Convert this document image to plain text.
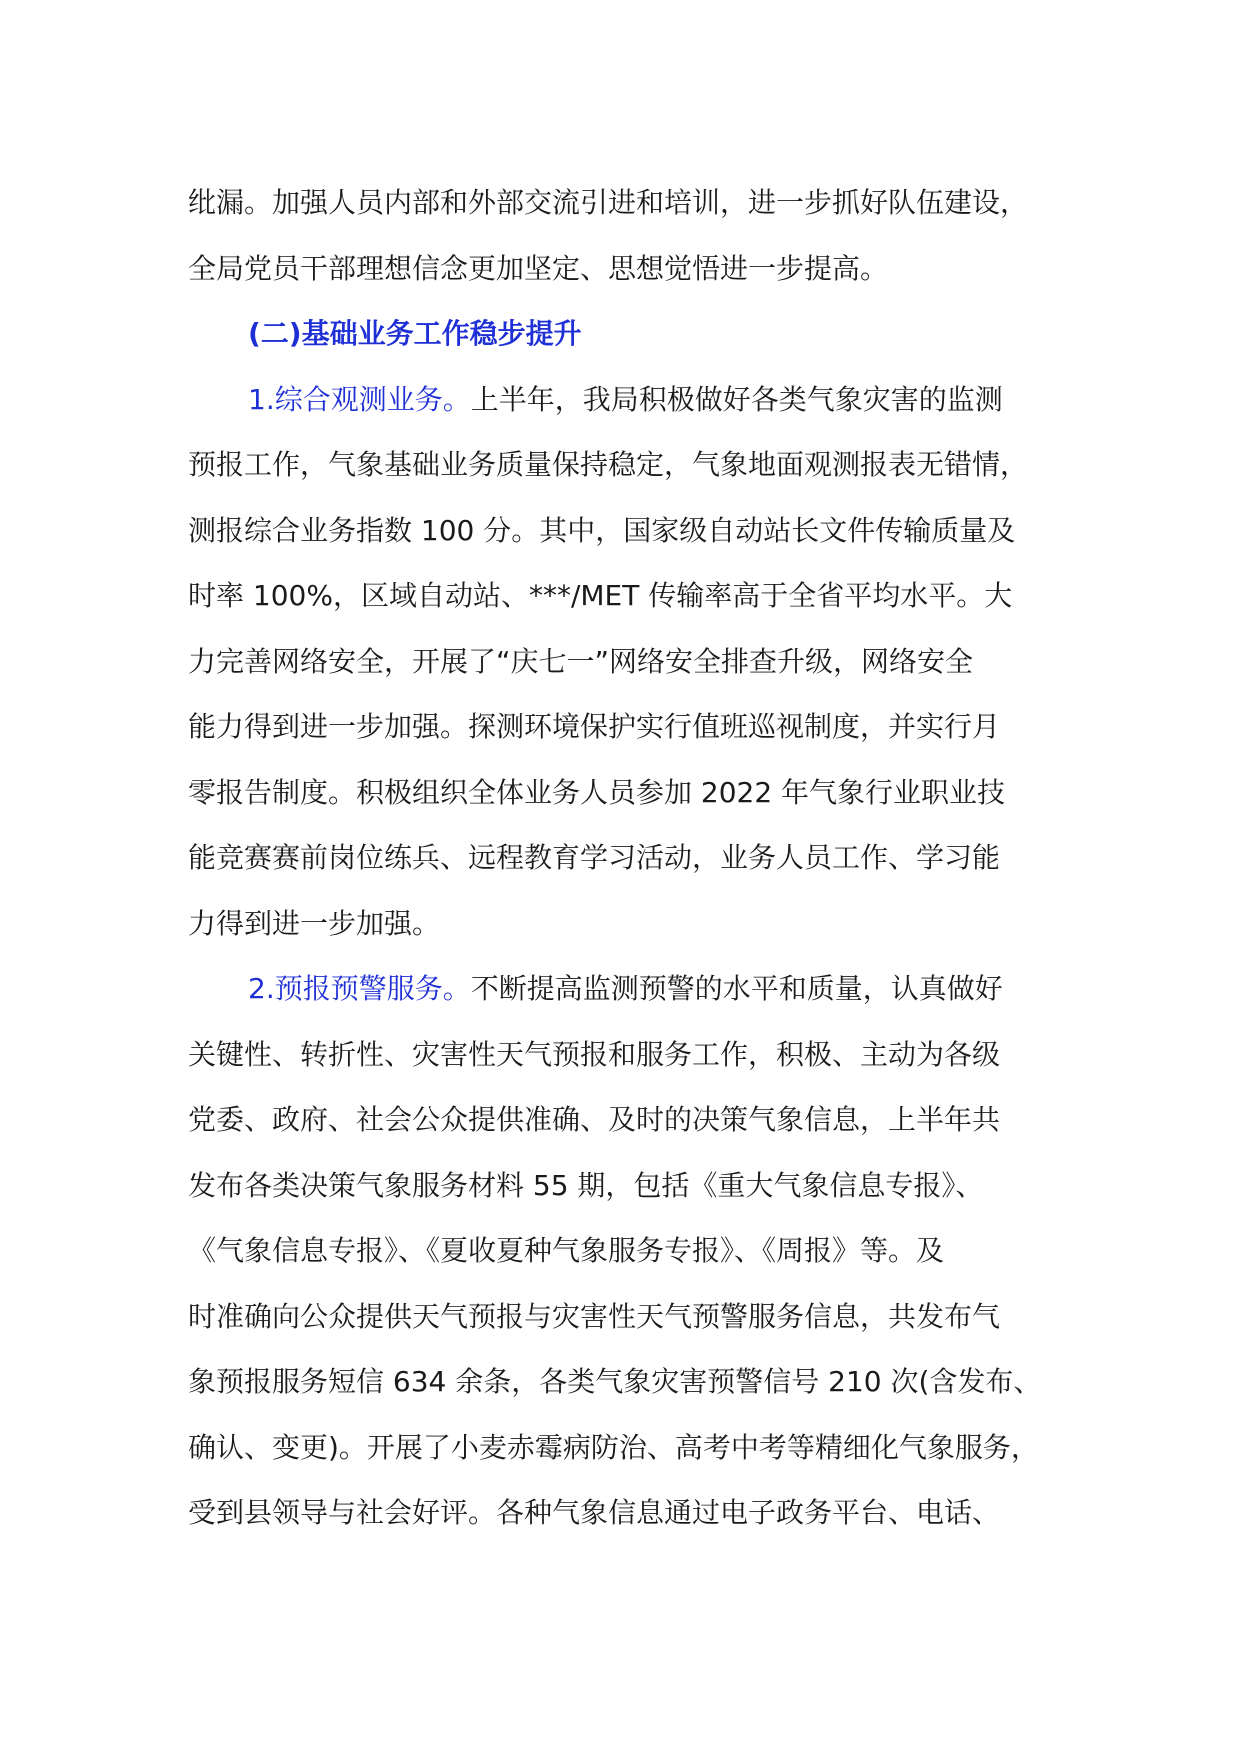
纰漏。加强人员内部和外部交流引进和培训，进一步抓好队伍建设，
全局党员干部理想信念更加坚定、思想觉悟进一步提高。
(二)基础业务工作稳步提升
1.综合观测业务。上半年，我局积极做好各类气象灾害的监测
预报工作，气象基础业务质量保持稳定，气象地面观测报表无错情，
测报综合业务指数 100 分。其中，国家级自动站长文件传输质量及
时率 100%，区域自动站、***/MET 传输率高于全省平均水平。大
力完善网络安全，开展了“庆七一”网络安全排查升级，网络安全
能力得到进一步加强。探测环境保护实行值班巡视制度，并实行月
零报告制度。积极组织全体业务人员参加 2022 年气象行业职业技
能竞赛赛前岗位练兵、远程教育学习活动，业务人员工作、学习能
力得到进一步加强。
2.预报预警服务。不断提高监测预警的水平和质量，认真做好
关键性、转折性、灾害性天气预报和服务工作，积极、主动为各级
党委、政府、社会公众提供准确、及时的决策气象信息，上半年共
发布各类决策气象服务材料 55 期，包括《重大气象信息专报》、
《气象信息专报》、《夏收夏种气象服务专报》、《周报》等。及
时准确向公众提供天气预报与灾害性天气预警服务信息，共发布气
象预报服务短信 634 余条，各类气象灾害预警信号 210 次(含发布、
确认、变更)。开展了小麦赤霉病防治、高考中考等精细化气象服务，
受到县领导与社会好评。各种气象信息通过电子政务平台、电话、
